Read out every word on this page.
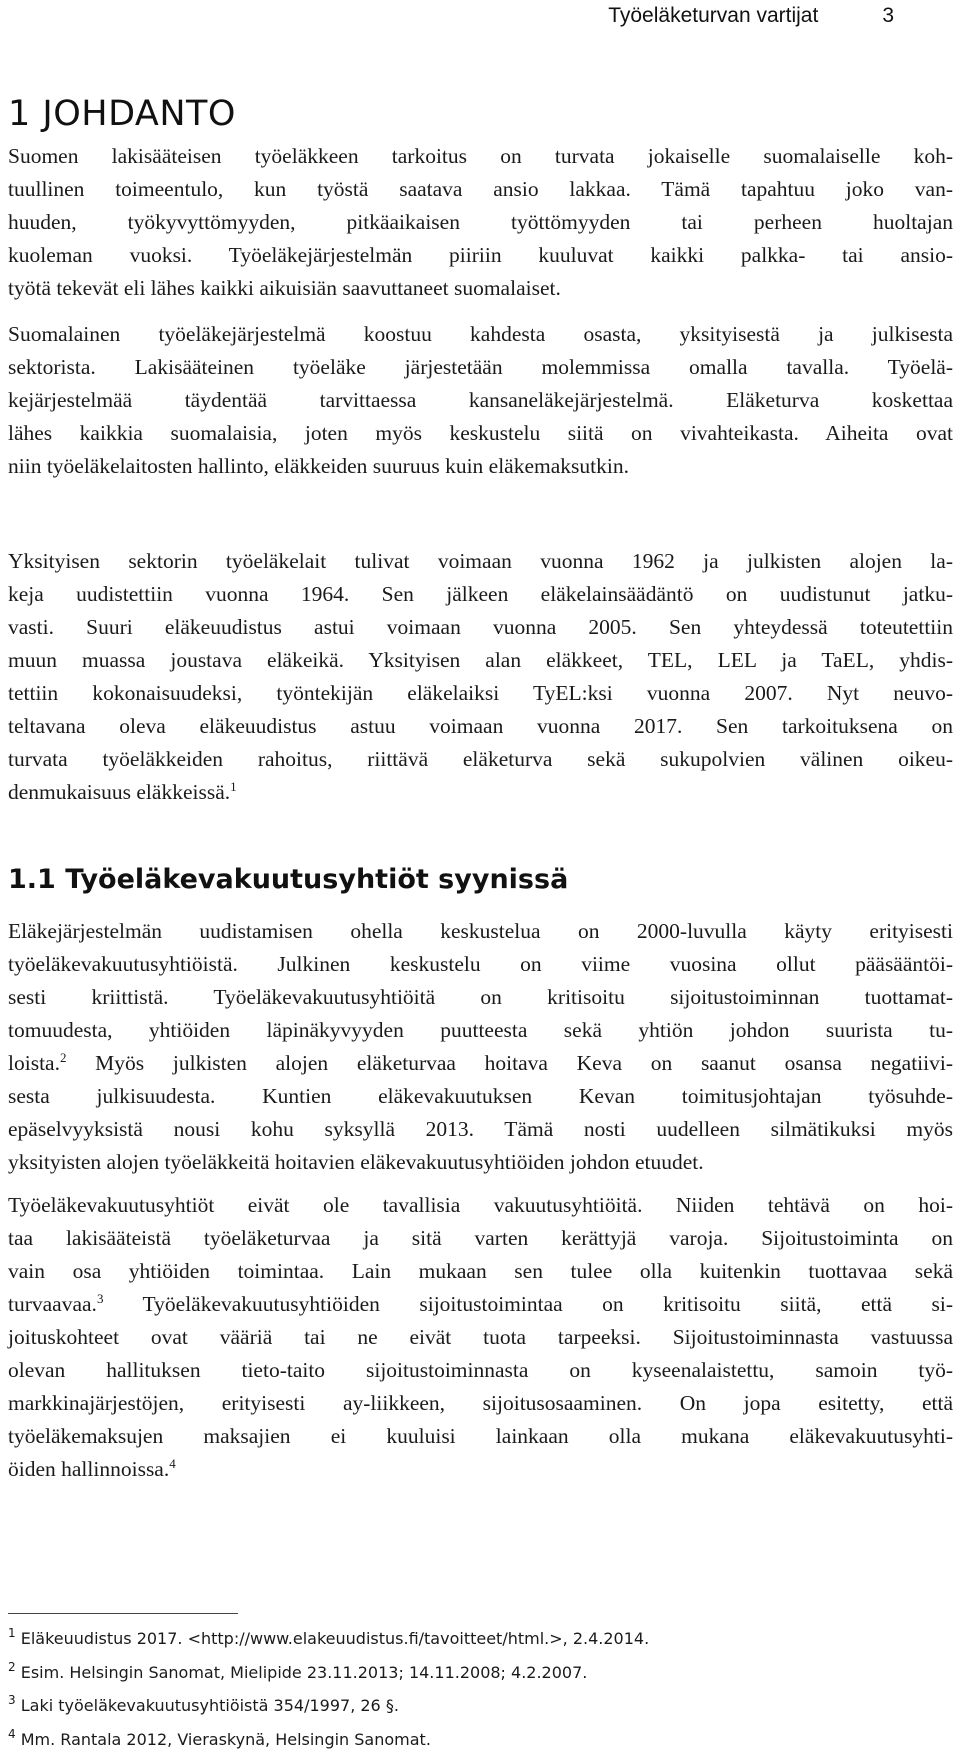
Työeläketurvan vartijat	3
1 JOHDANTO

Suomen lakisääteisen työeläkkeen tarkoitus on turvata jokaiselle suomalaiselle koh-
tuullinen toimeentulo, kun työstä saatava ansio lakkaa. Tämä tapahtuu joko van-
huuden, työkyvyttömyyden, pitkäaikaisen työttömyyden tai perheen huoltajan
kuoleman vuoksi. Työeläkejärjestelmän piiriin kuuluvat kaikki palkka- tai ansio-
työtä tekevät eli lähes kaikki aikuisiän saavuttaneet suomalaiset.

Suomalainen työeläkejärjestelmä koostuu kahdesta osasta, yksityisestä ja julkisesta
sektorista. Lakisääteinen työeläke järjestetään molemmissa omalla tavalla. Työelä-
kejärjestelmää täydentää tarvittaessa kansaneläkejärjestelmä. Eläketurva koskettaa
lähes kaikkia suomalaisia, joten myös keskustelu siitä on vivahteikasta. Aiheita ovat
niin työeläkelaitosten hallinto, eläkkeiden suuruus kuin eläkemaksutkin.

Yksityisen sektorin työeläkelait tulivat voimaan vuonna 1962 ja julkisten alojen la-
keja uudistettiin vuonna 1964. Sen jälkeen eläkelainsäädäntö on uudistunut jatku-
vasti. Suuri eläkeuudistus astui voimaan vuonna 2005. Sen yhteydessä toteutettiin
muun muassa joustava eläkeikä. Yksityisen alan eläkkeet, TEL, LEL ja TaEL, yhdis-
tettiin kokonaisuudeksi, työntekijän eläkelaiksi TyEL:ksi vuonna 2007. Nyt neuvo-
teltavana oleva eläkeuudistus astuu voimaan vuonna 2017. Sen tarkoituksena on
turvata työeläkkeiden rahoitus, riittävä eläketurva sekä sukupolvien välinen oikeu-
denmukaisuus eläkkeissä.$^1$

1.1 Työeläkevakuutusyhtiöt syynissä

Eläkejärjestelmän uudistamisen ohella keskustelua on 2000-luvulla käyty erityisesti
työeläkevakuutusyhtiöistä. Julkinen keskustelu on viime vuosina ollut pääsääntöi-
sesti kriittistä. Työeläkevakuutusyhtiöitä on kritisoitu sijoitustoiminnan tuottamat-
tomuudesta, yhtiöiden läpinäkyvyyden puutteesta sekä yhtiön johdon suurista tu-
loista.$^2$ Myös julkisten alojen eläketurvaa hoitava Keva on saanut osansa negatiivi-
sesta julkisuudesta. Kuntien eläkevakuutuksen Kevan toimitusjohtajan työsuhde-
epäselvyyksistä nousi kohu syksyllä 2013. Tämä nosti uudelleen silmätikuksi myös
yksityisten alojen työeläkkeitä hoitavien eläkevakuutusyhtiöiden johdon etuudet.

Työeläkevakuutusyhtiöt eivät ole tavallisia vakuutusyhtiöitä. Niiden tehtävä on hoi-
taa lakisääteistä työeläketurvaa ja sitä varten kerättyjä varoja. Sijoitustoiminta on
vain osa yhtiöiden toimintaa. Lain mukaan sen tulee olla kuitenkin tuottavaa sekä
turvaavaa.$^3$ Työeläkevakuutusyhtiöiden sijoitustoimintaa on kritisoitu siitä, että si-
joituskohteet ovat vääriä tai ne eivät tuota tarpeeksi. Sijoitustoiminnasta vastuussa
olevan hallituksen tieto-taito sijoitustoiminnasta on kyseenalaistettu, samoin työ-
markkinajärjestöjen, erityisesti ay-liikkeen, sijoitusosaaminen. On jopa esitetty, että
työeläkemaksujen maksajien ei kuuluisi lainkaan olla mukana eläkevakuutusyhti-
öiden hallinnoissa.$^4$

$^1$ Eläkeuudistus 2017. <http://www.elakeuudistus.fi/tavoitteet/html.>, 2.4.2014.
$^2$ Esim. Helsingin Sanomat, Mielipide 23.11.2013; 14.11.2008; 4.2.2007.
$^3$ Laki työeläkevakuutusyhtiöistä 354/1997, 26 §.
$^4$ Mm. Rantala 2012, Vieraskynä, Helsingin Sanomat.
